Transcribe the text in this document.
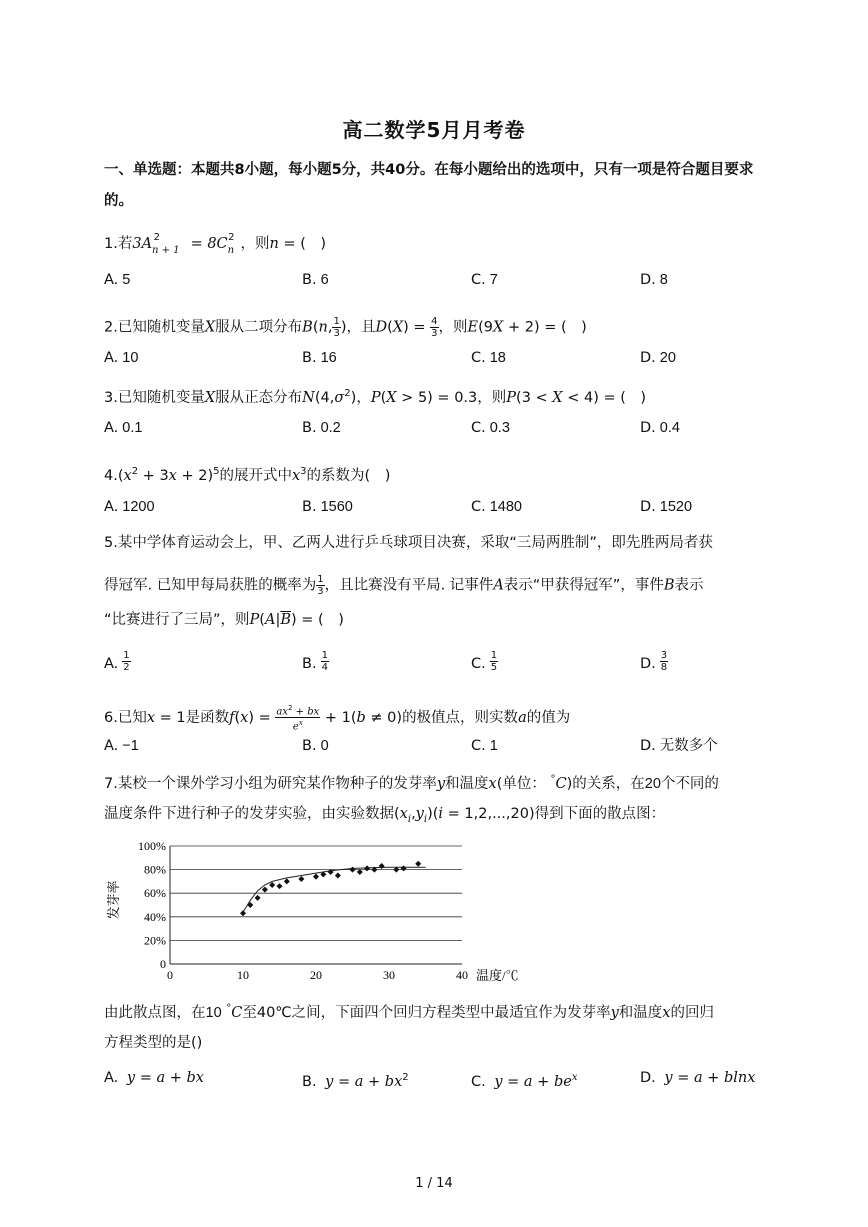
高二数学5月月考卷
一、单选题：本题共8小题，每小题5分，共40分。在每小题给出的选项中，只有一项是符合题目要求的。
1.若$3A_{n + 1}^2 = 8C_n^2$ ，则n = (　)
A. 5	B. 6	C. 7	D. 8
2.已知随机变量X服从二项分布B(n, $\frac{1}{3}$ )，且$D(X) = \frac{4}{3}$ ，则E(9X + 2) = (　)
A. 10	B. 16	C. 18	D. 20
3.已知随机变量X服从正态分布$N(4,\sigma^2)$，P(X > 5) = 0.3，则P(3 < X < 4) = (　)
A. 0.1	B. 0.2	C. 0.3	D. 0.4
$4.(x^2 + 3x + 2)^5$的展开式中$x^3$的系数为(　)
A. 1200	B. 1560	C. 1480	D. 1520
5.某中学体育运动会上，甲、乙两人进行乒乓球项目决赛，采取“三局两胜制”，即先胜两局者获
得冠军. 已知甲每局获胜的概率为 $\frac{1}{3}$ ，且比赛没有平局. 记事件A表示“甲获得冠军”，事件B表示
“比赛进行了三局”，则$P(A|\overline{B})$ = (　)
A. $\frac{1}{2}$	B. $\frac{1}{4}$	C. $\frac{1}{5}$	D. $\frac{3}{8}$
6.已知x = 1是函数$f(x) = \frac{ax^2 + bx}{e^x} + 1(b \ne 0)$的极值点，则实数a的值为
A. −1	B. 0	C. 1	D. 无数多个
7.某校一个课外学习小组为研究某作物种子的发芽率y和温度x(单位： °C)的关系，在20个不同的
温度条件下进行种子的发芽实验，由实验数据$(x_i,y_i)(i = 1,2,...,20)$得到下面的散点图：
0
20%
40%
60%
80%
100%
0	10	20	30	40
发芽率
温度/℃
由此散点图，在10 °C至40℃之间，下面四个回归方程类型中最适宜作为发芽率y和温度x的回归
方程类型的是()
A. y = a + bx	B. $y = a + bx^2$	C. $y = a + be^x$	D. y = a + blnx
1 / 14
